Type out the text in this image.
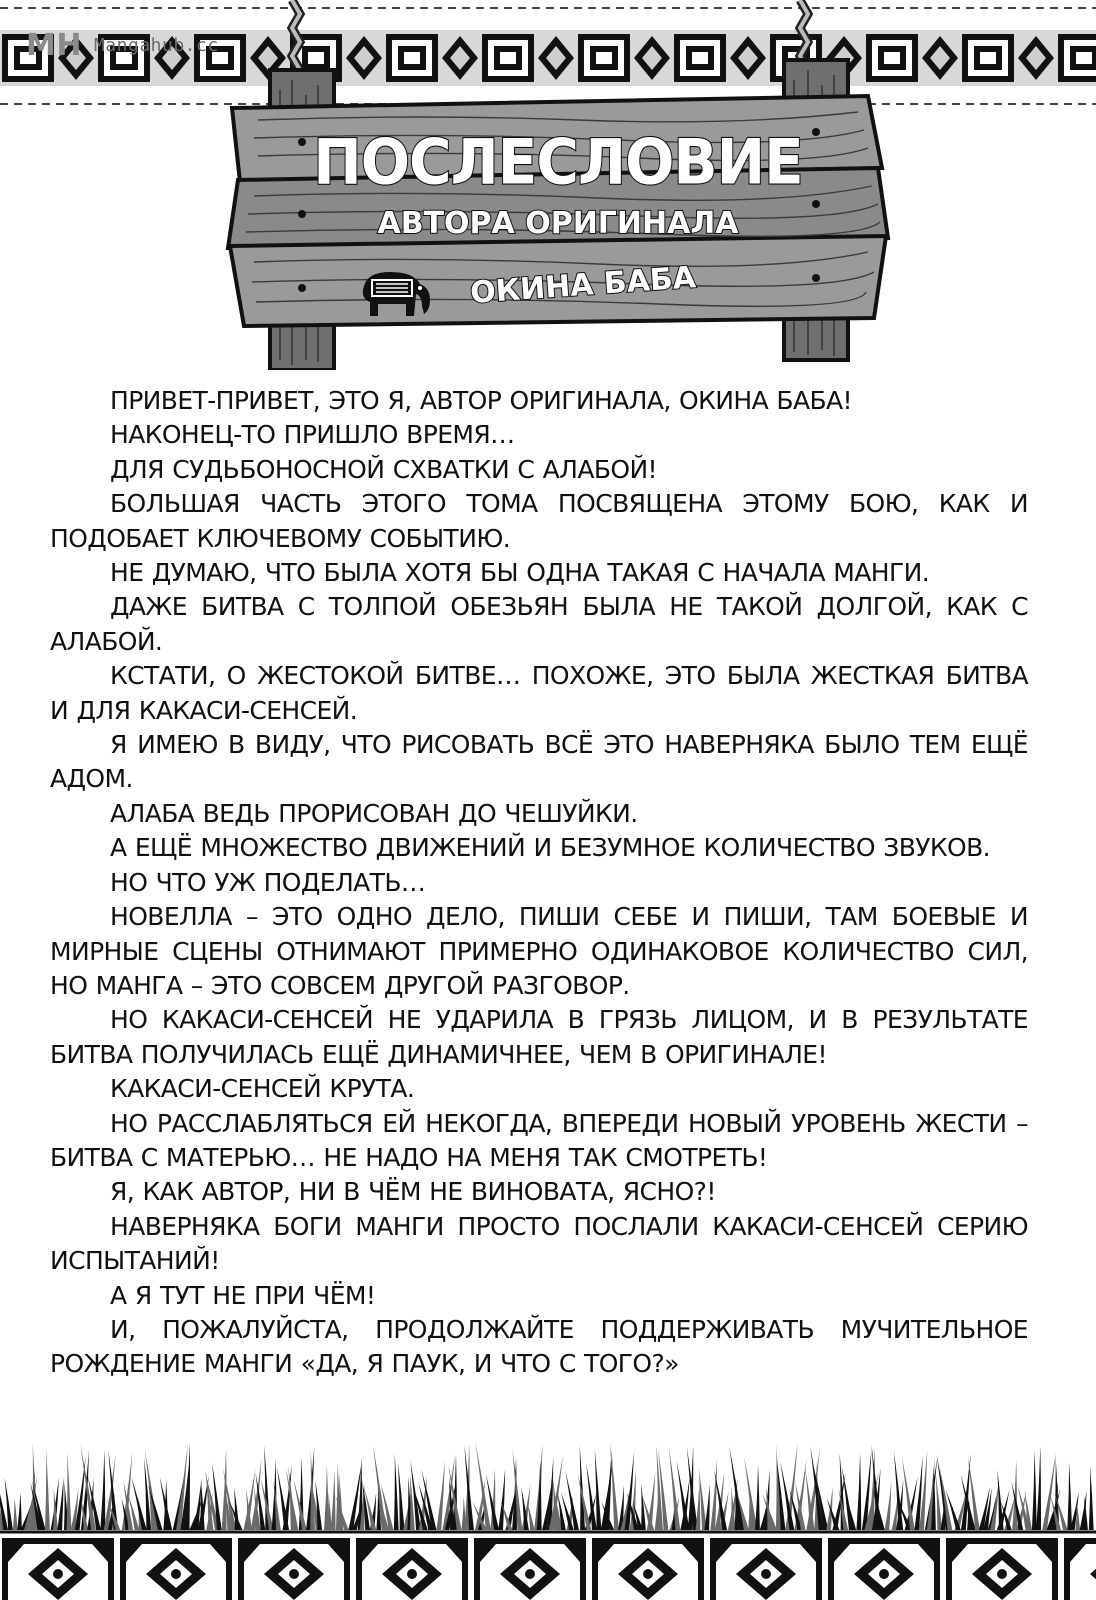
MH Mangahub.cc
ПОСЛЕСЛОВИЕ
АВТОРА ОРИГИНАЛА
ОКИНА БАБА

ПРИВЕТ-ПРИВЕТ, ЭТО Я, АВТОР ОРИГИНАЛА, ОКИНА БАБА!

НАКОНЕЦ-ТО ПРИШЛО ВРЕМЯ…

ДЛЯ СУДЬБОНОСНОЙ СХВАТКИ С АЛАБОЙ!

БОЛЬШАЯ ЧАСТЬ ЭТОГО ТОМА ПОСВЯЩЕНА ЭТОМУ БОЮ, КАК И ПОДОБАЕТ КЛЮЧЕВОМУ СОБЫТИЮ.

НЕ ДУМАЮ, ЧТО БЫЛА ХОТЯ БЫ ОДНА ТАКАЯ С НАЧАЛА МАНГИ.

ДАЖЕ БИТВА С ТОЛПОЙ ОБЕЗЬЯН БЫЛА НЕ ТАКОЙ ДОЛГОЙ, КАК С АЛАБОЙ.

КСТАТИ, О ЖЕСТОКОЙ БИТВЕ… ПОХОЖЕ, ЭТО БЫЛА ЖЕСТКАЯ БИТВА И ДЛЯ КАКАСИ-СЕНСЕЙ.

Я ИМЕЮ В ВИДУ, ЧТО РИСОВАТЬ ВСЁ ЭТО НАВЕРНЯКА БЫЛО ТЕМ ЕЩЁ АДОМ.

АЛАБА ВЕДЬ ПРОРИСОВАН ДО ЧЕШУЙКИ.

А ЕЩЁ МНОЖЕСТВО ДВИЖЕНИЙ И БЕЗУМНОЕ КОЛИЧЕСТВО ЗВУКОВ.

НО ЧТО УЖ ПОДЕЛАТЬ…

НОВЕЛЛА – ЭТО ОДНО ДЕЛО, ПИШИ СЕБЕ И ПИШИ, ТАМ БОЕВЫЕ И МИРНЫЕ СЦЕНЫ ОТНИМАЮТ ПРИМЕРНО ОДИНАКОВОЕ КОЛИЧЕСТВО СИЛ, НО МАНГА – ЭТО СОВСЕМ ДРУГОЙ РАЗГОВОР.

НО КАКАСИ-СЕНСЕЙ НЕ УДАРИЛА В ГРЯЗЬ ЛИЦОМ, И В РЕЗУЛЬТАТЕ БИТВА ПОЛУЧИЛАСЬ ЕЩЁ ДИНАМИЧНЕЕ, ЧЕМ В ОРИГИНАЛЕ!

КАКАСИ-СЕНСЕЙ КРУТА.

НО РАССЛАБЛЯТЬСЯ ЕЙ НЕКОГДА, ВПЕРЕДИ НОВЫЙ УРОВЕНЬ ЖЕСТИ – БИТВА С МАТЕРЬЮ… НЕ НАДО НА МЕНЯ ТАК СМОТРЕТЬ!

Я, КАК АВТОР, НИ В ЧЁМ НЕ ВИНОВАТА, ЯСНО?!

НАВЕРНЯКА БОГИ МАНГИ ПРОСТО ПОСЛАЛИ КАКАСИ-СЕНСЕЙ СЕРИЮ ИСПЫТАНИЙ!

А Я ТУТ НЕ ПРИ ЧЁМ!

И, ПОЖАЛУЙСТА, ПРОДОЛЖАЙТЕ ПОДДЕРЖИВАТЬ МУЧИТЕЛЬНОЕ РОЖДЕНИЕ МАНГИ «ДА, Я ПАУК, И ЧТО С ТОГО?»
